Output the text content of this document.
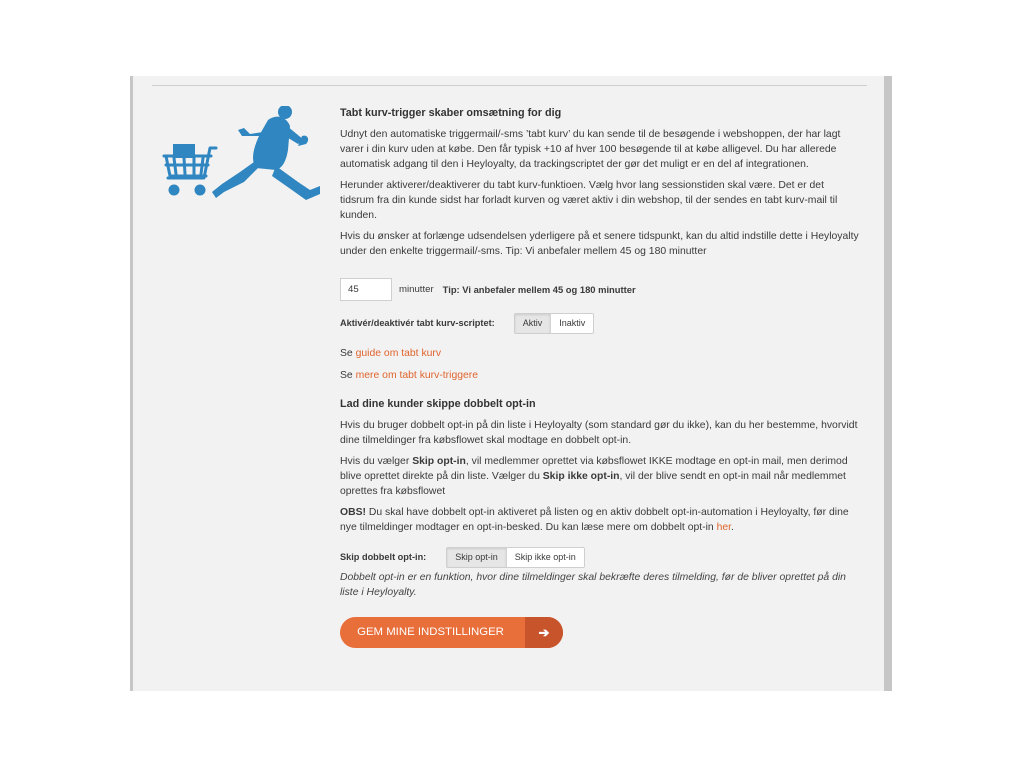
Tabt kurv-trigger skaber omsætning for dig
Udnyt den automatiske triggermail/-sms ’tabt kurv’ du kan sende til de besøgende i webshoppen, der har lagt varer i din kurv uden at købe. Den får typisk +10 af hver 100 besøgende til at købe alligevel. Du har allerede automatisk adgang til den i Heyloyalty, da trackingscriptet der gør det muligt er en del af integrationen.
Herunder aktiverer/deaktiverer du tabt kurv-funktioen. Vælg hvor lang sessionstiden skal være. Det er det tidsrum fra din kunde sidst har forladt kurven og været aktiv i din webshop, til der sendes en tabt kurv-mail til kunden.
Hvis du ønsker at forlænge udsendelsen yderligere på et senere tidspunkt, kan du altid indstille dette i Heyloyalty under den enkelte triggermail/-sms. Tip: Vi anbefaler mellem 45 og 180 minutter
45	minutter Tip: Vi anbefaler mellem 45 og 180 minutter
Aktivér/deaktivér tabt kurv-scriptet:	Aktiv	Inaktiv
Se guide om tabt kurv
Se mere om tabt kurv-triggere
Lad dine kunder skippe dobbelt opt-in
Hvis du bruger dobbelt opt-in på din liste i Heyloyalty (som standard gør du ikke), kan du her bestemme, hvorvidt dine tilmeldinger fra købsflowet skal modtage en dobbelt opt-in.
Hvis du vælger Skip opt-in, vil medlemmer oprettet via købsflowet IKKE modtage en opt-in mail, men derimod blive oprettet direkte på din liste. Vælger du Skip ikke opt-in, vil der blive sendt en opt-in mail når medlemmet oprettes fra købsflowet
OBS! Du skal have dobbelt opt-in aktiveret på listen og en aktiv dobbelt opt-in-automation i Heyloyalty, før dine nye tilmeldinger modtager en opt-in-besked. Du kan læse mere om dobbelt opt-in her.
Skip dobbelt opt-in:	Skip opt-in	Skip ikke opt-in
Dobbelt opt-in er en funktion, hvor dine tilmeldinger skal bekræfte deres tilmelding, før de bliver oprettet på din liste i Heyloyalty.
GEM MINE INDSTILLINGER	➔
